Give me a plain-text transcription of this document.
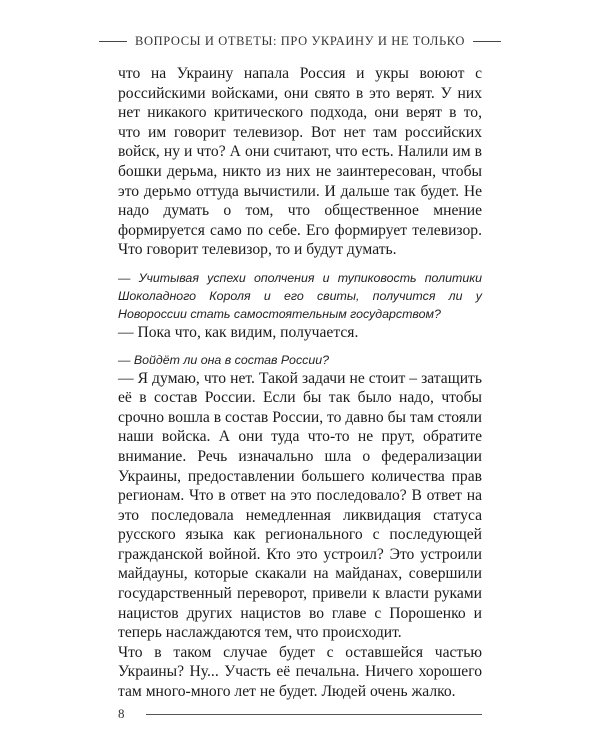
ВОПРОСЫ И ОТВЕТЫ: ПРО УКРАИНУ И НЕ ТОЛЬКО

что на Украину напала Россия и укры воюют с российскими войсками, они свято в это верят. У них нет никакого критического подхода, они верят в то, что им говорит телевизор. Вот нет там российских войск, ну и что? А они считают, что есть. Налили им в бошки дерьма, никто из них не заинтересован, чтобы это дерьмо оттуда вычистили. И дальше так будет. Не надо думать о том, что общественное мнение формируется само по себе. Его формирует телевизор. Что говорит телевизор, то и будут думать.

— Учитывая успехи ополчения и тупиковость политики Шоколадного Короля и его свиты, получится ли у Новороссии стать самостоятельным государством?

— Пока что, как видим, получается.

— Войдёт ли она в состав России?

— Я думаю, что нет. Такой задачи не стоит – затащить её в состав России. Если бы так было надо, чтобы срочно вошла в состав России, то давно бы там стояли наши войска. А они туда что-то не прут, обратите внимание. Речь изначально шла о федерализации Украины, предоставлении большего количества прав регионам. Что в ответ на это последовало? В ответ на это последовала немедленная ликвидация статуса русского языка как регионального с последующей гражданской войной. Кто это устроил? Это устроили майдауны, которые скакали на майданах, совершили государственный переворот, привели к власти руками нацистов других нацистов во главе с Порошенко и теперь наслаждаются тем, что происходит.

Что в таком случае будет с оставшейся частью Украины? Ну... Участь её печальна. Ничего хорошего там много-много лет не будет. Людей очень жалко.

8
